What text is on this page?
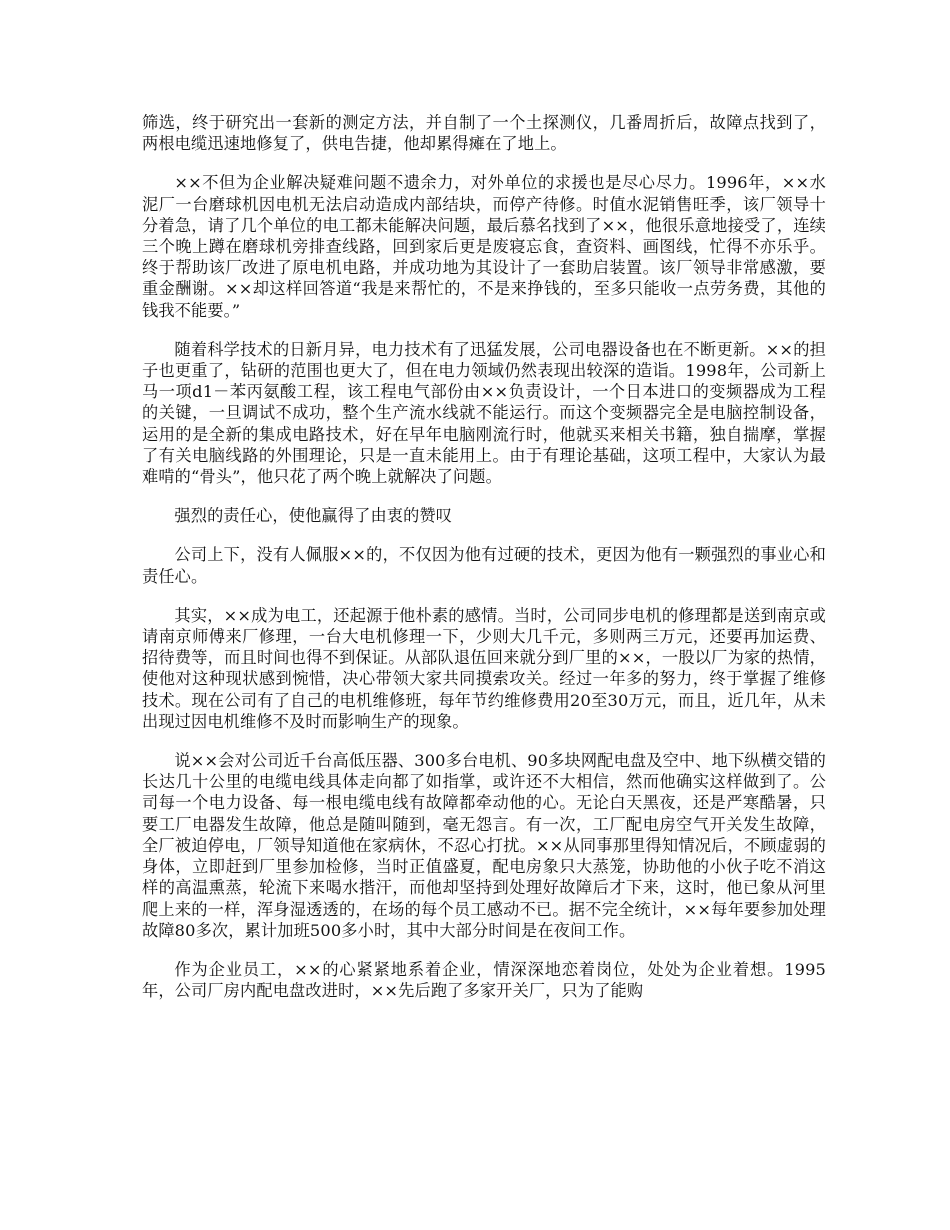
筛选，终于研究出一套新的测定方法，并自制了一个土探测仪，几番周折后，故障点找到了，两根电缆迅速地修复了，供电告捷，他却累得瘫在了地上。

××不但为企业解决疑难问题不遗余力，对外单位的求援也是尽心尽力。1996年，××水泥厂一台磨球机因电机无法启动造成内部结块，而停产待修。时值水泥销售旺季，该厂领导十分着急，请了几个单位的电工都未能解决问题，最后慕名找到了××，他很乐意地接受了，连续三个晚上蹲在磨球机旁排查线路，回到家后更是废寝忘食，查资料、画图线，忙得不亦乐乎。终于帮助该厂改进了原电机电路，并成功地为其设计了一套助启装置。该厂领导非常感激，要重金酬谢。××却这样回答道“我是来帮忙的，不是来挣钱的，至多只能收一点劳务费，其他的钱我不能要。”

随着科学技术的日新月异，电力技术有了迅猛发展，公司电器设备也在不断更新。××的担子也更重了，钻研的范围也更大了，但在电力领域仍然表现出较深的造诣。1998年，公司新上马一项d1－苯丙氨酸工程，该工程电气部份由××负责设计，一个日本进口的变频器成为工程的关键，一旦调试不成功，整个生产流水线就不能运行。而这个变频器完全是电脑控制设备，运用的是全新的集成电路技术，好在早年电脑刚流行时，他就买来相关书籍，独自揣摩，掌握了有关电脑线路的外围理论，只是一直未能用上。由于有理论基础，这项工程中，大家认为最难啃的“骨头”，他只花了两个晚上就解决了问题。

强烈的责任心，使他赢得了由衷的赞叹

公司上下，没有人佩服××的，不仅因为他有过硬的技术，更因为他有一颗强烈的事业心和责任心。

其实，××成为电工，还起源于他朴素的感情。当时，公司同步电机的修理都是送到南京或请南京师傅来厂修理，一台大电机修理一下，少则大几千元，多则两三万元，还要再加运费、招待费等，而且时间也得不到保证。从部队退伍回来就分到厂里的××，一股以厂为家的热情，使他对这种现状感到惋惜，决心带领大家共同摸索攻关。经过一年多的努力，终于掌握了维修技术。现在公司有了自己的电机维修班，每年节约维修费用20至30万元，而且，近几年，从未出现过因电机维修不及时而影响生产的现象。

说××会对公司近千台高低压器、300多台电机、90多块网配电盘及空中、地下纵横交错的长达几十公里的电缆电线具体走向都了如指掌，或许还不大相信，然而他确实这样做到了。公司每一个电力设备、每一根电缆电线有故障都牵动他的心。无论白天黑夜，还是严寒酷暑，只要工厂电器发生故障，他总是随叫随到，毫无怨言。有一次，工厂配电房空气开关发生故障，全厂被迫停电，厂领导知道他在家病休，不忍心打扰。××从同事那里得知情况后，不顾虚弱的身体，立即赶到厂里参加检修，当时正值盛夏，配电房象只大蒸笼，协助他的小伙子吃不消这样的高温熏蒸，轮流下来喝水揩汗，而他却坚持到处理好故障后才下来，这时，他已象从河里爬上来的一样，浑身湿透透的，在场的每个员工感动不已。据不完全统计，××每年要参加处理故障80多次，累计加班500多小时，其中大部分时间是在夜间工作。

作为企业员工，××的心紧紧地系着企业，情深深地恋着岗位，处处为企业着想。1995年，公司厂房内配电盘改进时，××先后跑了多家开关厂，只为了能购
